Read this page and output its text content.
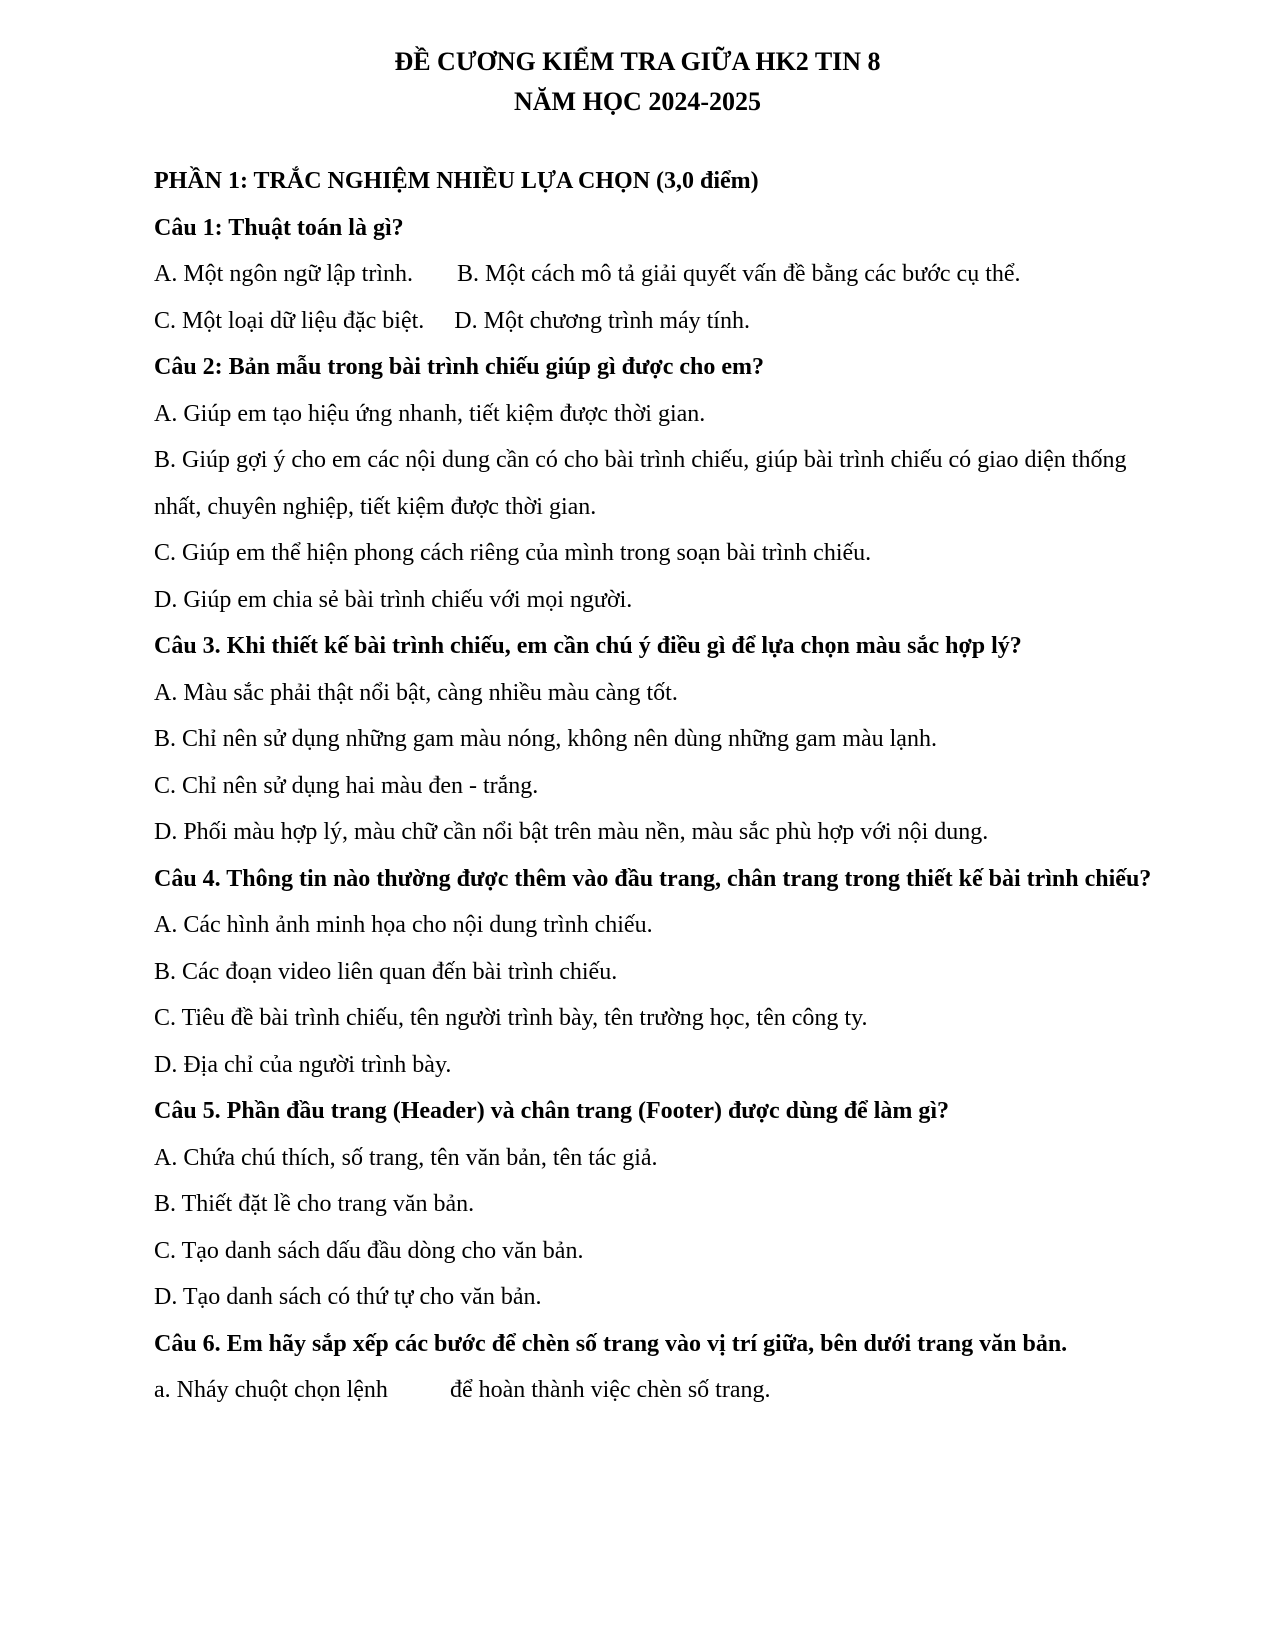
ĐỀ CƯƠNG KIỂM TRA GIỮA HK2 TIN 8
NĂM HỌC 2024-2025

PHẦN 1: TRẮC NGHIỆM NHIỀU LỰA CHỌN (3,0 điểm)

Câu 1: Thuật toán là gì?

A. Một ngôn ngữ lập trình. B. Một cách mô tả giải quyết vấn đề bằng các bước cụ thể.

C. Một loại dữ liệu đặc biệt. D. Một chương trình máy tính.

Câu 2: Bản mẫu trong bài trình chiếu giúp gì được cho em?

A. Giúp em tạo hiệu ứng nhanh, tiết kiệm được thời gian.

B. Giúp gợi ý cho em các nội dung cần có cho bài trình chiếu, giúp bài trình chiếu có giao diện thống nhất, chuyên nghiệp, tiết kiệm được thời gian.

C. Giúp em thể hiện phong cách riêng của mình trong soạn bài trình chiếu.

D. Giúp em chia sẻ bài trình chiếu với mọi người.

Câu 3. Khi thiết kế bài trình chiếu, em cần chú ý điều gì để lựa chọn màu sắc hợp lý?

A. Màu sắc phải thật nổi bật, càng nhiều màu càng tốt.

B. Chỉ nên sử dụng những gam màu nóng, không nên dùng những gam màu lạnh.

C. Chỉ nên sử dụng hai màu đen - trắng.

D. Phối màu hợp lý, màu chữ cần nổi bật trên màu nền, màu sắc phù hợp với nội dung.

Câu 4. Thông tin nào thường được thêm vào đầu trang, chân trang trong thiết kế bài trình chiếu?

A. Các hình ảnh minh họa cho nội dung trình chiếu.

B. Các đoạn video liên quan đến bài trình chiếu.

C. Tiêu đề bài trình chiếu, tên người trình bày, tên trường học, tên công ty.

D. Địa chỉ của người trình bày.

Câu 5. Phần đầu trang (Header) và chân trang (Footer) được dùng để làm gì?

A. Chứa chú thích, số trang, tên văn bản, tên tác giả.

B. Thiết đặt lề cho trang văn bản.

C. Tạo danh sách dấu đầu dòng cho văn bản.

D. Tạo danh sách có thứ tự cho văn bản.

Câu 6. Em hãy sắp xếp các bước để chèn số trang vào vị trí giữa, bên dưới trang văn bản.

a. Nháy chuột chọn lệnh	để hoàn thành việc chèn số trang.
